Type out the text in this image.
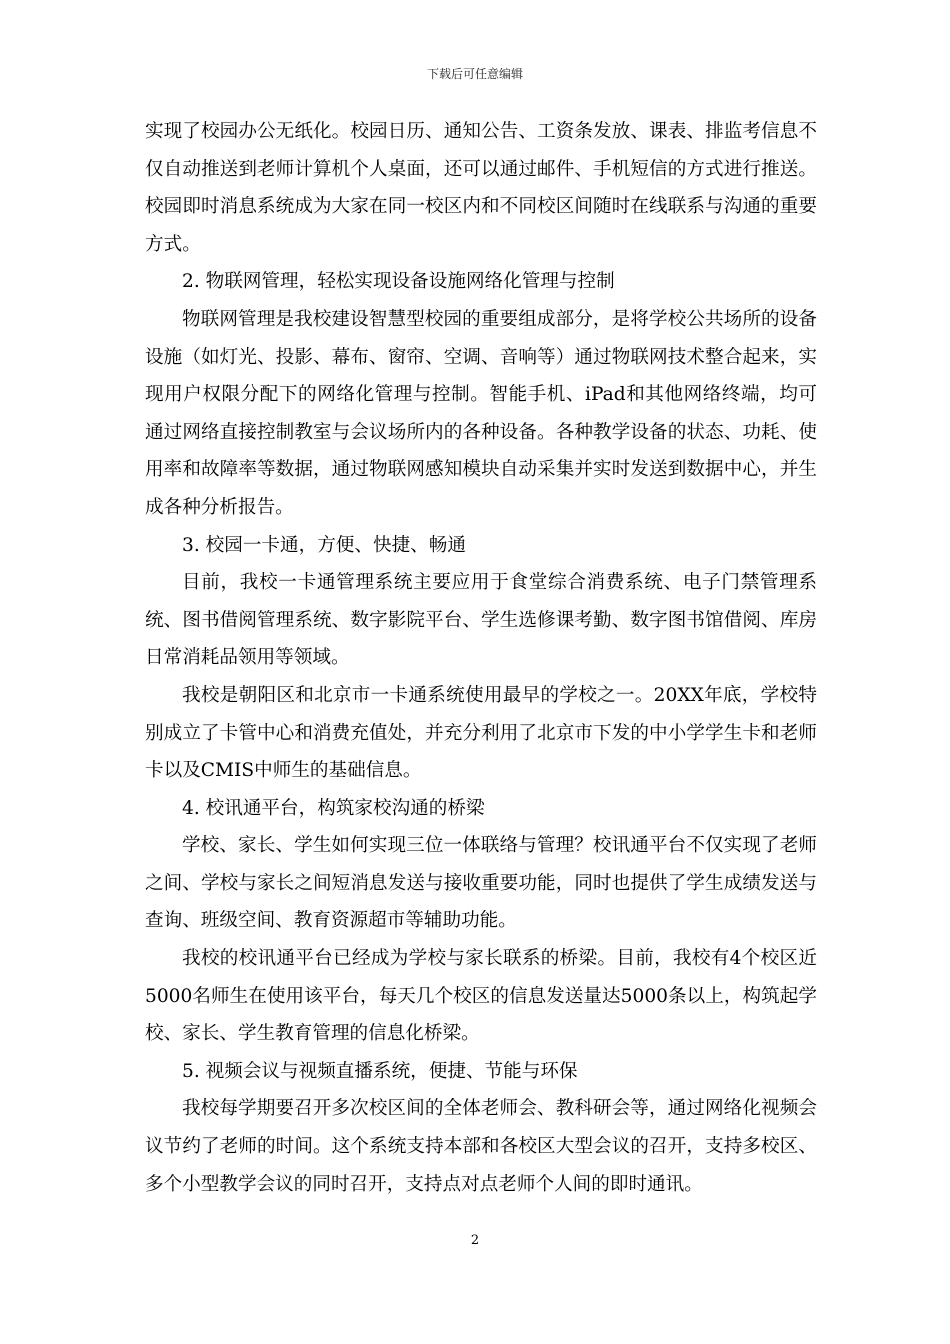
下载后可任意编辑

实现了校园办公无纸化。校园日历、通知公告、工资条发放、课表、排监考信息不仅自动推送到老师计算机个人桌面，还可以通过邮件、手机短信的方式进行推送。校园即时消息系统成为大家在同一校区内和不同校区间随时在线联系与沟通的重要方式。

2. 物联网管理，轻松实现设备设施网络化管理与控制

物联网管理是我校建设智慧型校园的重要组成部分，是将学校公共场所的设备设施（如灯光、投影、幕布、窗帘、空调、音响等）通过物联网技术整合起来，实现用户权限分配下的网络化管理与控制。智能手机、iPad和其他网络终端，均可通过网络直接控制教室与会议场所内的各种设备。各种教学设备的状态、功耗、使用率和故障率等数据，通过物联网感知模块自动采集并实时发送到数据中心，并生成各种分析报告。

3. 校园一卡通，方便、快捷、畅通

目前，我校一卡通管理系统主要应用于食堂综合消费系统、电子门禁管理系统、图书借阅管理系统、数字影院平台、学生选修课考勤、数字图书馆借阅、库房日常消耗品领用等领域。

我校是朝阳区和北京市一卡通系统使用最早的学校之一。20XX年底，学校特别成立了卡管中心和消费充值处，并充分利用了北京市下发的中小学学生卡和老师卡以及CMIS中师生的基础信息。

4. 校讯通平台，构筑家校沟通的桥梁

学校、家长、学生如何实现三位一体联络与管理？校讯通平台不仅实现了老师之间、学校与家长之间短消息发送与接收重要功能，同时也提供了学生成绩发送与查询、班级空间、教育资源超市等辅助功能。

我校的校讯通平台已经成为学校与家长联系的桥梁。目前，我校有4个校区近5000名师生在使用该平台，每天几个校区的信息发送量达5000条以上，构筑起学校、家长、学生教育管理的信息化桥梁。

5. 视频会议与视频直播系统，便捷、节能与环保

我校每学期要召开多次校区间的全体老师会、教科研会等，通过网络化视频会议节约了老师的时间。这个系统支持本部和各校区大型会议的召开，支持多校区、多个小型教学会议的同时召开，支持点对点老师个人间的即时通讯。

2
